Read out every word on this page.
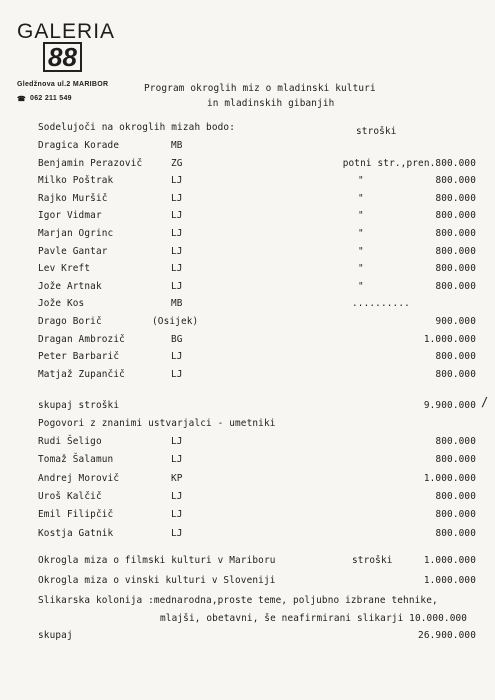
GALERIA
88
Gledžnova ul.2 MARIBOR
☎ 062 211 549
Program okroglih miz o mladinski kulturi
in mladinskih gibanjih
Sodelujoči na okroglih mizah bodo:	stroški
Dragica Korade	MB
Benjamin Perazovič	ZG	potni str.,pren.800.000
Milko Poštrak	LJ	"	800.000
Rajko Muršič	LJ	"	800.000
Igor Vidmar	LJ	"	800.000
Marjan Ogrinc	LJ	"	800.000
Pavle Gantar	LJ	"	800.000
Lev Kreft	LJ	"	800.000
Jože Artnak	LJ	"	800.000
Jože Kos	MB	..........
Drago Borič	(Osijek)	900.000
Dragan Ambrozič	BG	1.000.000
Peter Barbarič	LJ	800.000
Matjaž Zupančič	LJ	800.000
skupaj stroški	9.900.000 /
Pogovori z znanimi ustvarjalci - umetniki
Rudi Šeligo	LJ	800.000
Tomaž Šalamun	LJ	800.000
Andrej Morovič	KP	1.000.000
Uroš Kalčič	LJ	800.000
Emil Filipčič	LJ	800.000
Kostja Gatnik	LJ	800.000
Okrogla miza o filmski kulturi v Mariboru	stroški	1.000.000
Okrogla miza o vinski kulturi v Sloveniji	1.000.000
Slikarska kolonija :mednarodna,proste teme, poljubno izbrane tehnike,
mlajši, obetavni, še neafirmirani slikarji 10.000.000
skupaj	26.900.000
